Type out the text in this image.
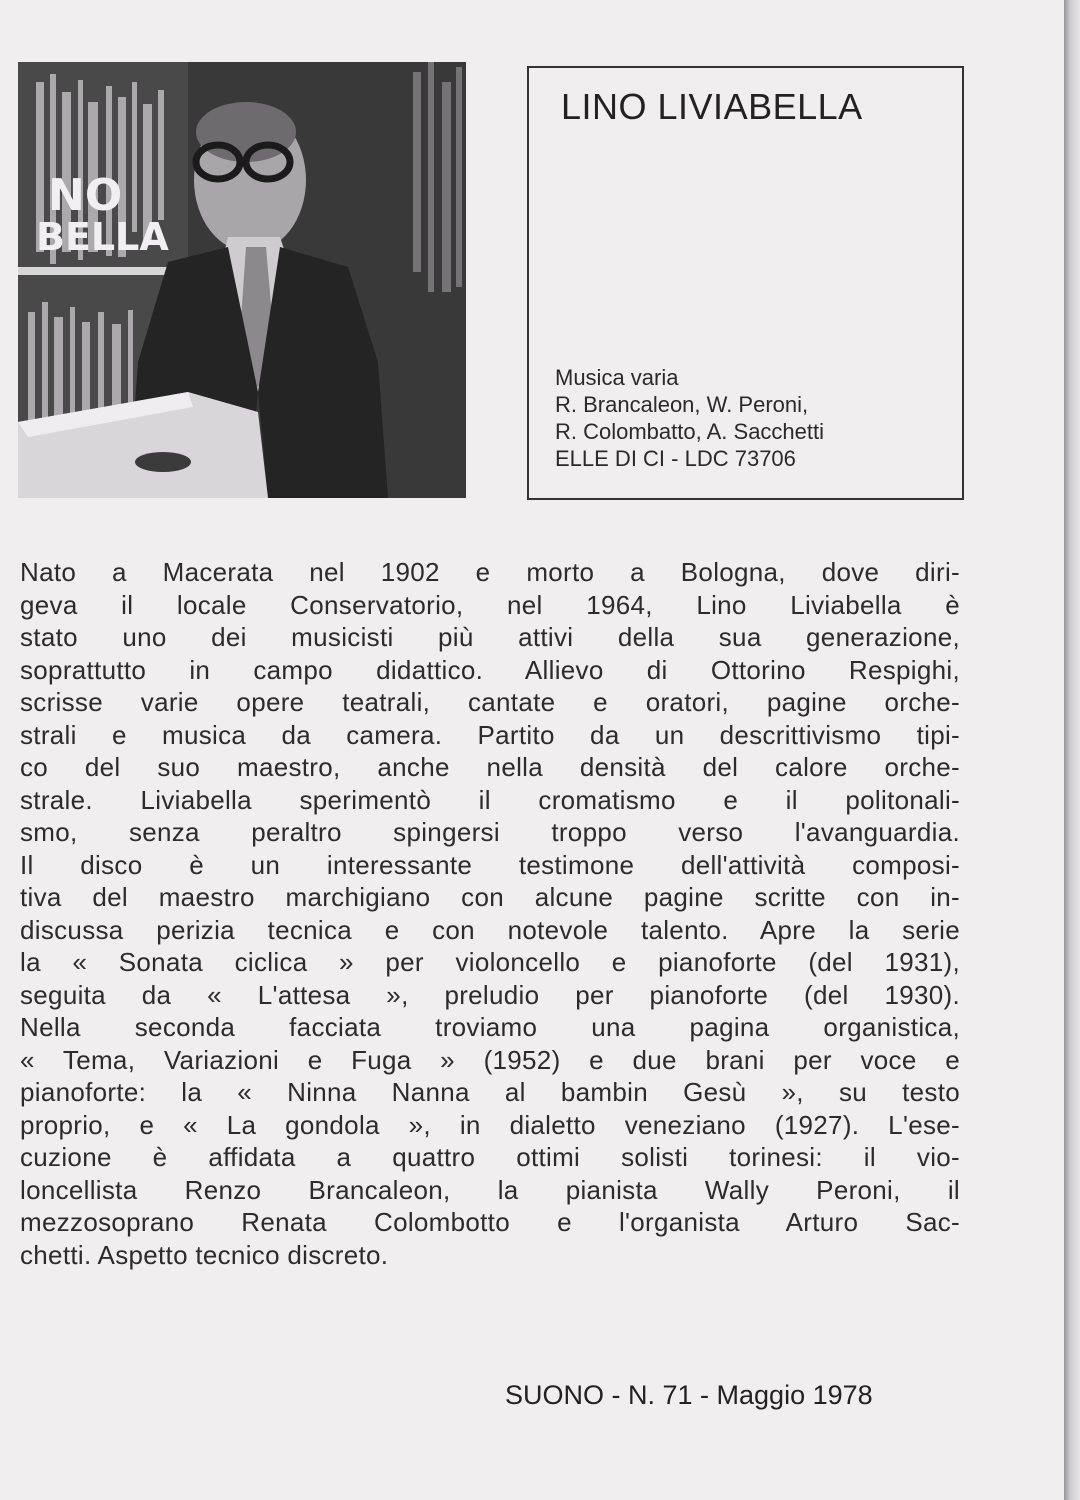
NO
BELLA
LINO LIVIABELLA
Musica varia
R. Brancaleon, W. Peroni,
R. Colombatto, A. Sacchetti
ELLE DI CI - LDC 73706
Nato a Macerata nel 1902 e morto a Bologna, dove diri-
geva il locale Conservatorio, nel 1964, Lino Liviabella è
stato uno dei musicisti più attivi della sua generazione,
soprattutto in campo didattico. Allievo di Ottorino Respighi,
scrisse varie opere teatrali, cantate e oratori, pagine orche-
strali e musica da camera. Partito da un descrittivismo tipi-
co del suo maestro, anche nella densità del calore orche-
strale. Liviabella sperimentò il cromatismo e il politonali-
smo, senza peraltro spingersi troppo verso l'avanguardia.
Il disco è un interessante testimone dell'attività composi-
tiva del maestro marchigiano con alcune pagine scritte con in-
discussa perizia tecnica e con notevole talento. Apre la serie
la « Sonata ciclica » per violoncello e pianoforte (del 1931),
seguita da « L'attesa », preludio per pianoforte (del 1930).
Nella seconda facciata troviamo una pagina organistica,
« Tema, Variazioni e Fuga » (1952) e due brani per voce e
pianoforte: la « Ninna Nanna al bambin Gesù », su testo
proprio, e « La gondola », in dialetto veneziano (1927). L'ese-
cuzione è affidata a quattro ottimi solisti torinesi: il vio-
loncellista Renzo Brancaleon, la pianista Wally Peroni, il
mezzosoprano Renata Colombotto e l'organista Arturo Sac-
chetti. Aspetto tecnico discreto.
SUONO - N. 71 - Maggio 1978
